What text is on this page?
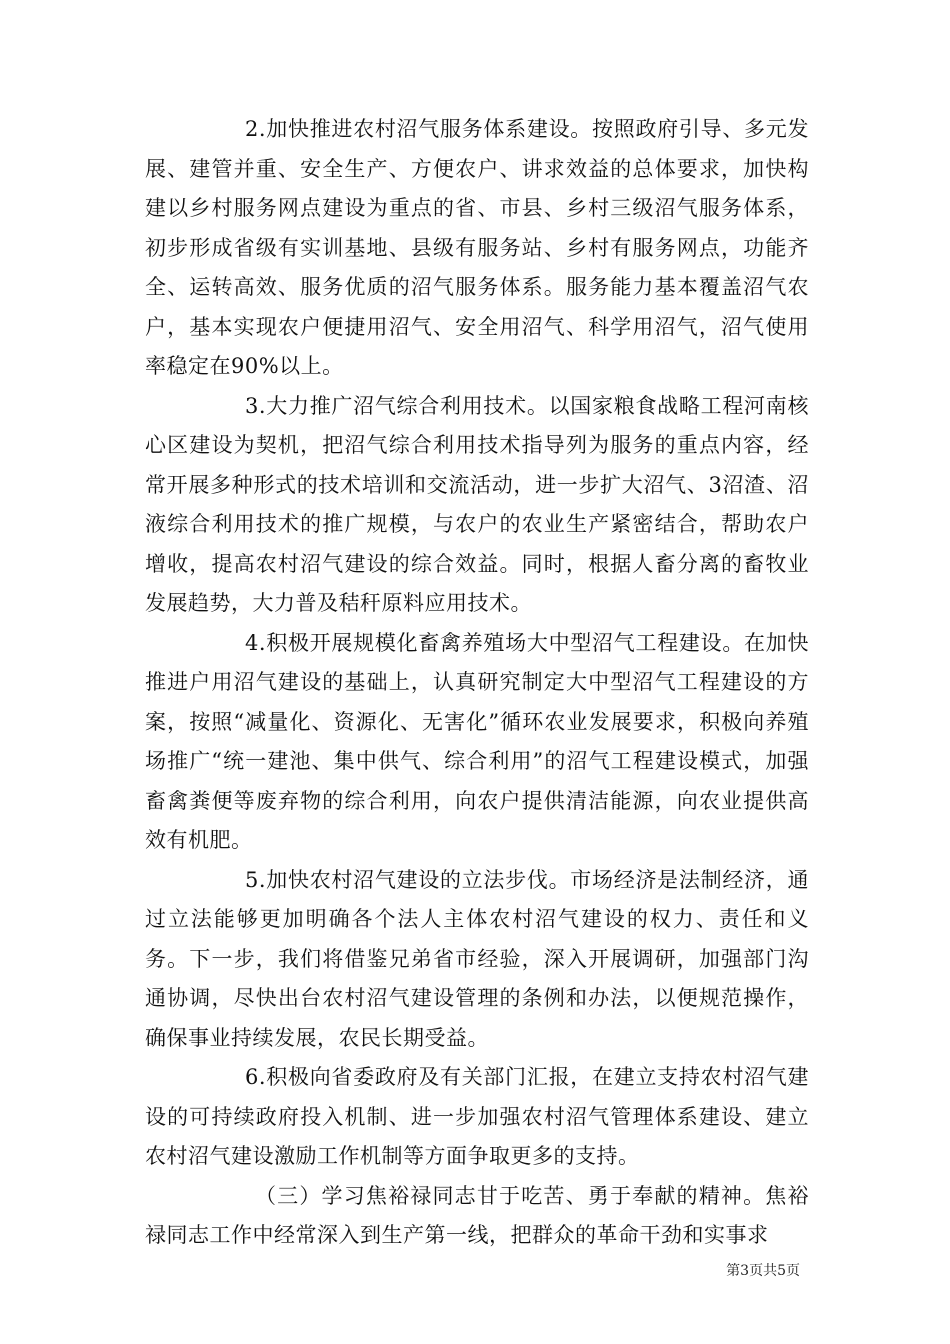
2.加快推进农村沼气服务体系建设。按照政府引导、多元发展、建管并重、安全生产、方便农户、讲求效益的总体要求，加快构建以乡村服务网点建设为重点的省、市县、乡村三级沼气服务体系，初步形成省级有实训基地、县级有服务站、乡村有服务网点，功能齐全、运转高效、服务优质的沼气服务体系。服务能力基本覆盖沼气农户，基本实现农户便捷用沼气、安全用沼气、科学用沼气，沼气使用率稳定在90%以上。

3.大力推广沼气综合利用技术。以国家粮食战略工程河南核心区建设为契机，把沼气综合利用技术指导列为服务的重点内容，经常开展多种形式的技术培训和交流活动，进一步扩大沼气、3沼渣、沼液综合利用技术的推广规模，与农户的农业生产紧密结合，帮助农户增收，提高农村沼气建设的综合效益。同时，根据人畜分离的畜牧业发展趋势，大力普及秸秆原料应用技术。

4.积极开展规模化畜禽养殖场大中型沼气工程建设。在加快推进户用沼气建设的基础上，认真研究制定大中型沼气工程建设的方案，按照“减量化、资源化、无害化”循环农业发展要求，积极向养殖场推广“统一建池、集中供气、综合利用”的沼气工程建设模式，加强畜禽粪便等废弃物的综合利用，向农户提供清洁能源，向农业提供高效有机肥。

5.加快农村沼气建设的立法步伐。市场经济是法制经济，通过立法能够更加明确各个法人主体农村沼气建设的权力、责任和义务。下一步，我们将借鉴兄弟省市经验，深入开展调研，加强部门沟通协调，尽快出台农村沼气建设管理的条例和办法，以便规范操作，确保事业持续发展，农民长期受益。

6.积极向省委政府及有关部门汇报，在建立支持农村沼气建设的可持续政府投入机制、进一步加强农村沼气管理体系建设、建立农村沼气建设激励工作机制等方面争取更多的支持。

（三）学习焦裕禄同志甘于吃苦、勇于奉献的精神。焦裕禄同志工作中经常深入到生产第一线，把群众的革命干劲和实事求

第3页共5页
